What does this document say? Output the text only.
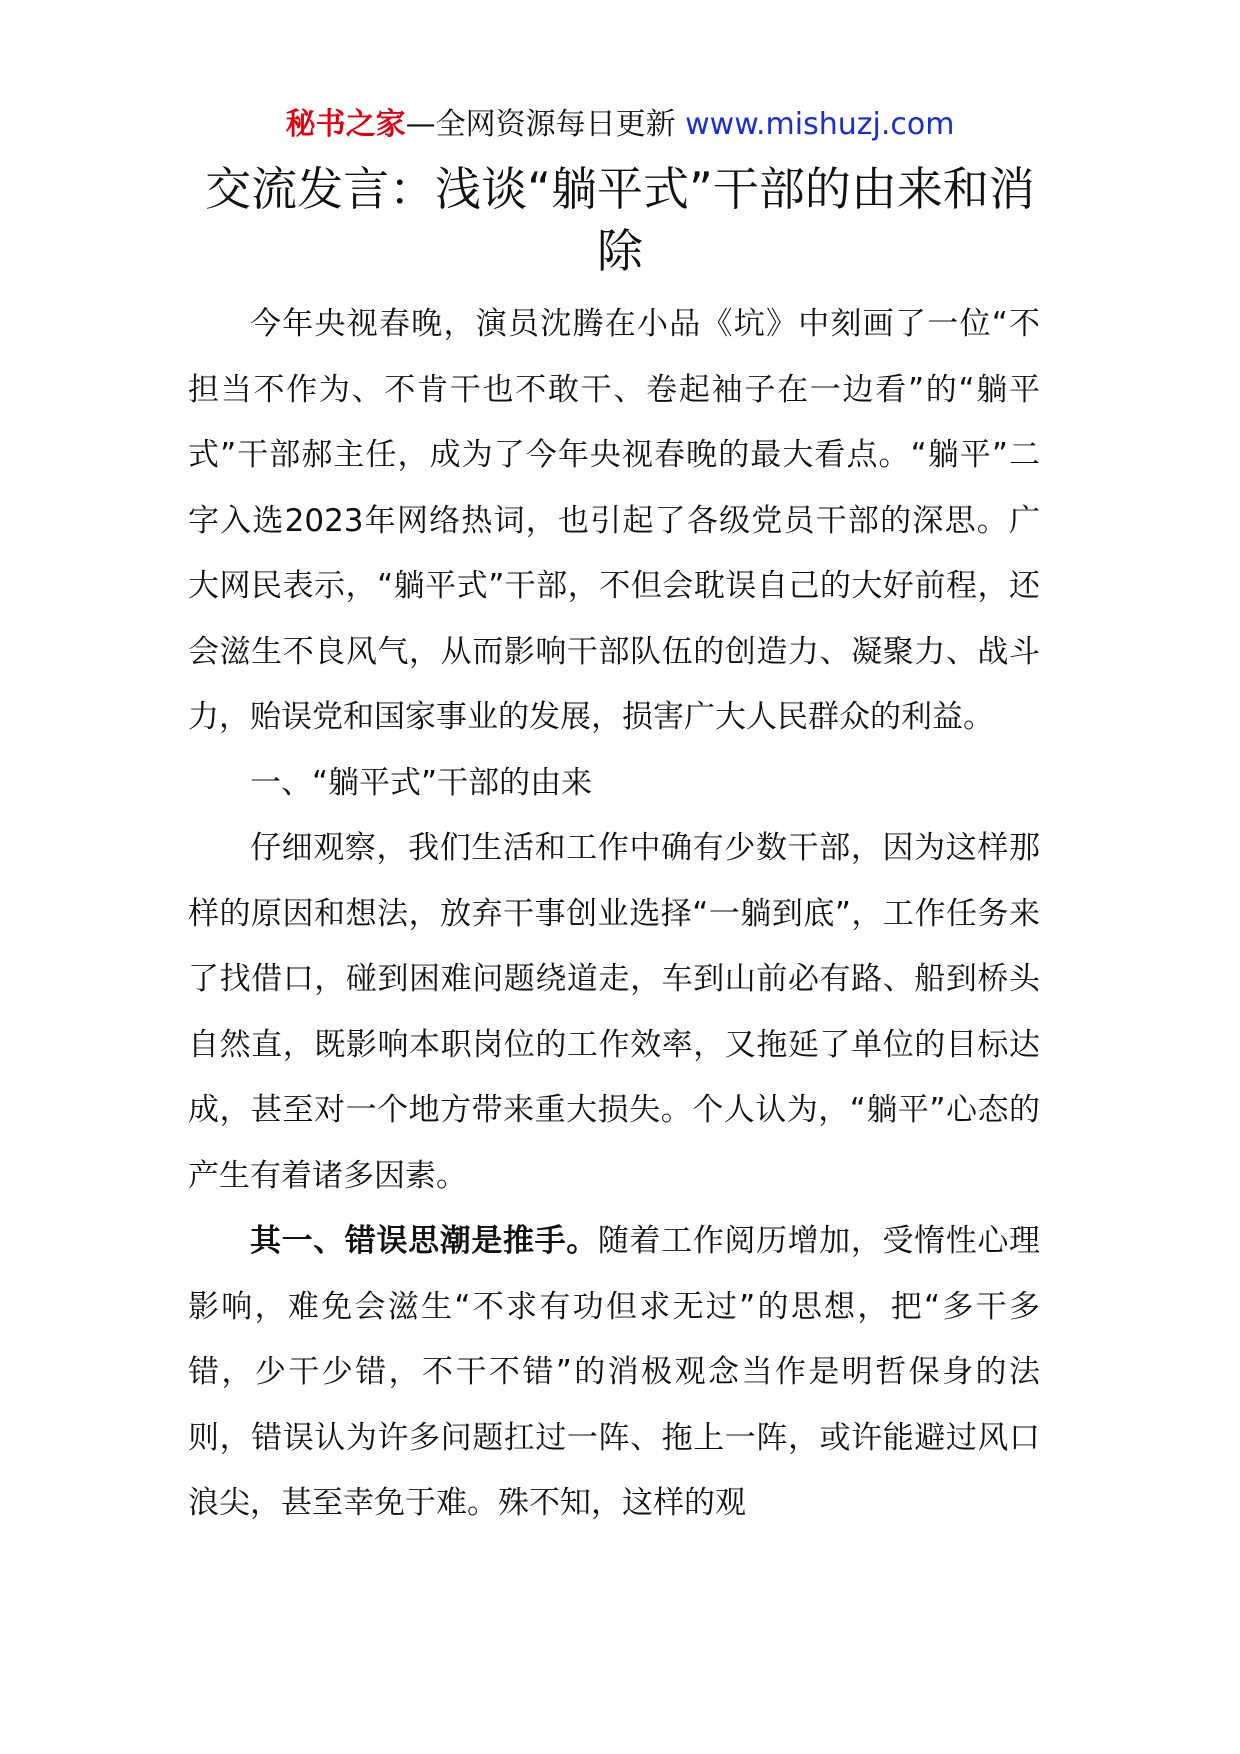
秘书之家—全网资源每日更新 www.mishuzj.com
交流发言：浅谈“躺平式”干部的由来和消除

今年央视春晚，演员沈腾在小品《坑》中刻画了一位“不担当不作为、不肯干也不敢干、卷起袖子在一边看”的“躺平式”干部郝主任，成为了今年央视春晚的最大看点。“躺平”二字入选2023年网络热词，也引起了各级党员干部的深思。广大网民表示，“躺平式”干部，不但会耽误自己的大好前程，还会滋生不良风气，从而影响干部队伍的创造力、凝聚力、战斗力，贻误党和国家事业的发展，损害广大人民群众的利益。

一、“躺平式”干部的由来

仔细观察，我们生活和工作中确有少数干部，因为这样那样的原因和想法，放弃干事创业选择“一躺到底”，工作任务来了找借口，碰到困难问题绕道走，车到山前必有路、船到桥头自然直，既影响本职岗位的工作效率，又拖延了单位的目标达成，甚至对一个地方带来重大损失。个人认为，“躺平”心态的产生有着诸多因素。

其一、错误思潮是推手。随着工作阅历增加，受惰性心理影响，难免会滋生“不求有功但求无过”的思想，把“多干多错，少干少错，不干不错”的消极观念当作是明哲保身的法则，错误认为许多问题扛过一阵、拖上一阵，或许能避过风口浪尖，甚至幸免于难。殊不知，这样的观
